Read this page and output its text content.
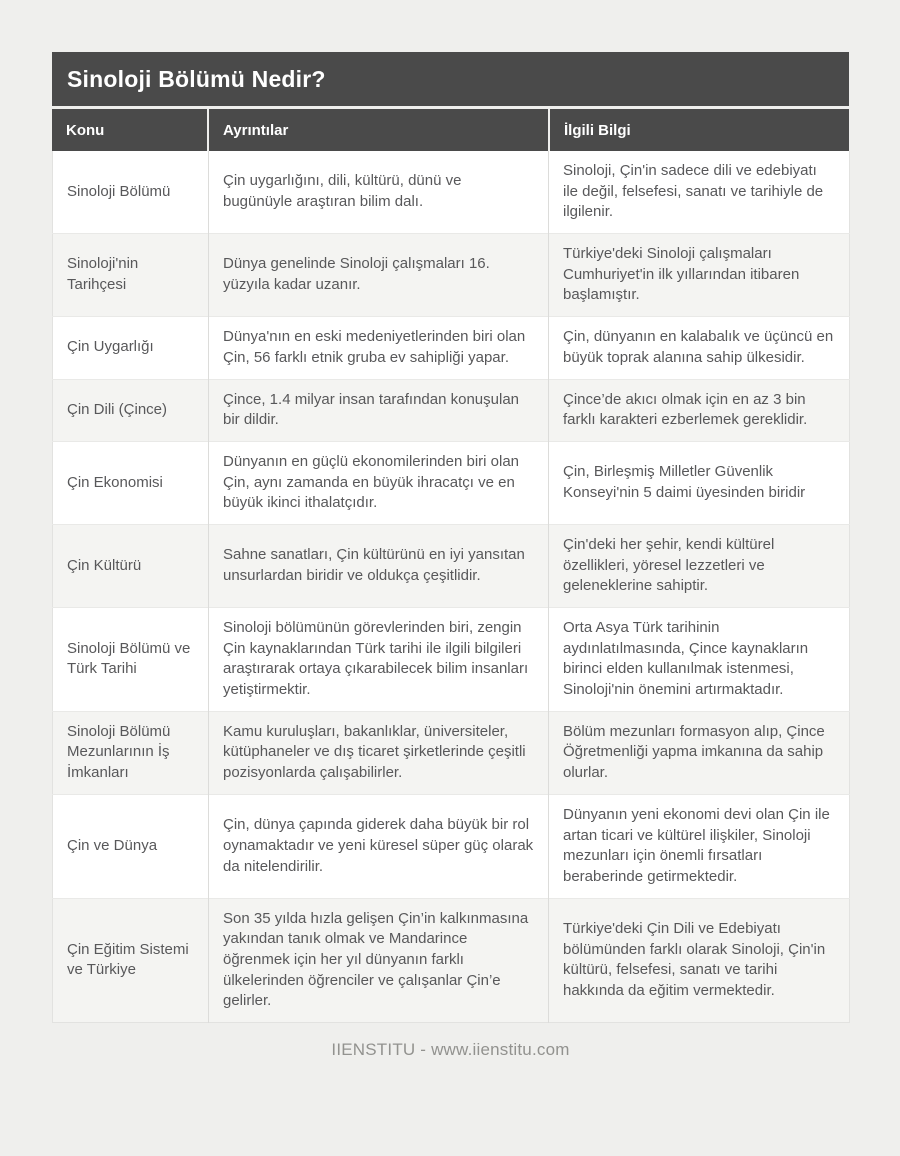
Sinoloji Bölümü Nedir?
Konu	Ayrıntılar	İlgili Bilgi
Sinoloji Bölümü	Çin uygarlığını, dili, kültürü, dünü ve bugünüyle araştıran bilim dalı.	Sinoloji, Çin'in sadece dili ve edebiyatı ile değil, felsefesi, sanatı ve tarihiyle de ilgilenir.
Sinoloji'nin Tarihçesi	Dünya genelinde Sinoloji çalışmaları 16. yüzyıla kadar uzanır.	Türkiye'deki Sinoloji çalışmaları Cumhuriyet'in ilk yıllarından itibaren başlamıştır.
Çin Uygarlığı	Dünya'nın en eski medeniyetlerinden biri olan Çin, 56 farklı etnik gruba ev sahipliği yapar.	Çin, dünyanın en kalabalık ve üçüncü en büyük toprak alanına sahip ülkesidir.
Çin Dili (Çince)	Çince, 1.4 milyar insan tarafından konuşulan bir dildir.	Çince’de akıcı olmak için en az 3 bin farklı karakteri ezberlemek gereklidir.
Çin Ekonomisi	Dünyanın en güçlü ekonomilerinden biri olan Çin, aynı zamanda en büyük ihracatçı ve en büyük ikinci ithalatçıdır.	Çin, Birleşmiş Milletler Güvenlik Konseyi'nin 5 daimi üyesinden biridir
Çin Kültürü	Sahne sanatları, Çin kültürünü en iyi yansıtan unsurlardan biridir ve oldukça çeşitlidir.	Çin'deki her şehir, kendi kültürel özellikleri, yöresel lezzetleri ve geleneklerine sahiptir.
Sinoloji Bölümü ve Türk Tarihi	Sinoloji bölümünün görevlerinden biri, zengin Çin kaynaklarından Türk tarihi ile ilgili bilgileri araştırarak ortaya çıkarabilecek bilim insanları yetiştirmektir.	Orta Asya Türk tarihinin aydınlatılmasında, Çince kaynakların birinci elden kullanılmak istenmesi, Sinoloji'nin önemini artırmaktadır.
Sinoloji Bölümü Mezunlarının İş İmkanları	Kamu kuruluşları, bakanlıklar, üniversiteler, kütüphaneler ve dış ticaret şirketlerinde çeşitli pozisyonlarda çalışabilirler.	Bölüm mezunları formasyon alıp, Çince Öğretmenliği yapma imkanına da sahip olurlar.
Çin ve Dünya	Çin, dünya çapında giderek daha büyük bir rol oynamaktadır ve yeni küresel süper güç olarak da nitelendirilir.	Dünyanın yeni ekonomi devi olan Çin ile artan ticari ve kültürel ilişkiler, Sinoloji mezunları için önemli fırsatları beraberinde getirmektedir.
Çin Eğitim Sistemi ve Türkiye	Son 35 yılda hızla gelişen Çin’in kalkınmasına yakından tanık olmak ve Mandarince öğrenmek için her yıl dünyanın farklı ülkelerinden öğrenciler ve çalışanlar Çin’e gelirler.	Türkiye'deki Çin Dili ve Edebiyatı bölümünden farklı olarak Sinoloji, Çin'in kültürü, felsefesi, sanatı ve tarihi hakkında da eğitim vermektedir.
IIENSTITU - www.iienstitu.com
